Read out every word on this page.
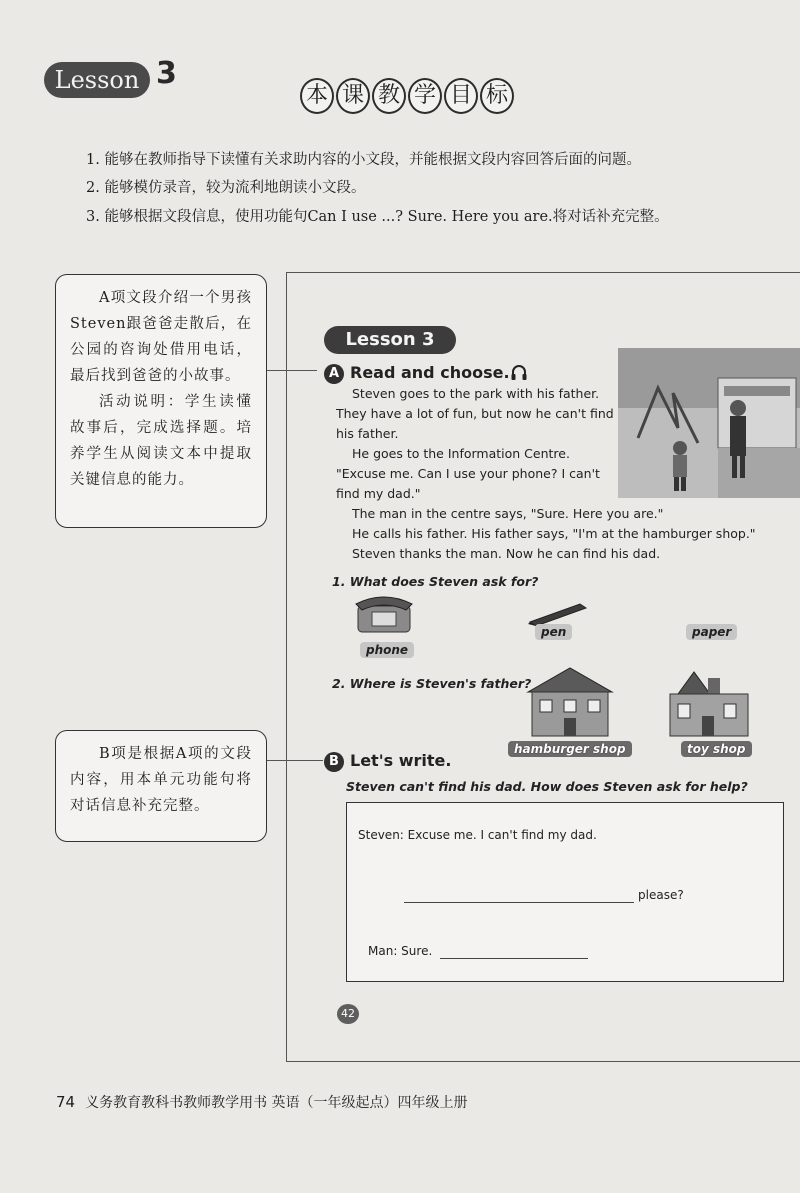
Lesson 3
本 课 教 学 目 标
1. 能够在教师指导下读懂有关求助内容的小文段，并能根据文段内容回答后面的问题。
2. 能够模仿录音，较为流利地朗读小文段。
3. 能够根据文段信息，使用功能句Can I use ...? Sure. Here you are.将对话补充完整。

A项文段介绍一个男孩Steven跟爸爸走散后，在公园的咨询处借用电话，最后找到爸爸的小故事。

活动说明：学生读懂故事后，完成选择题。培养学生从阅读文本中提取关键信息的能力。

B项是根据A项的文段内容，用本单元功能句将对话信息补充完整。

Lesson 3
A Read and choose.
Steven goes to the park with his father.
They have a lot of fun, but now he can't find
his father.
He goes to the Information Centre.
"Excuse me. Can I use your phone? I can't
find my dad."
The man in the centre says, "Sure. Here you are."
He calls his father. His father says, "I'm at the hamburger shop."
Steven thanks the man. Now he can find his dad.
1. What does Steven ask for?
phone
pen	paper
2. Where is Steven's father?
hamburger shop	toy shop
B Let's write.
Steven can't find his dad. How does Steven ask for help?
Steven: Excuse me. I can't find my dad.
please?
Man: Sure.
42
74 义务教育教科书教师教学用书 英语（一年级起点）四年级上册
